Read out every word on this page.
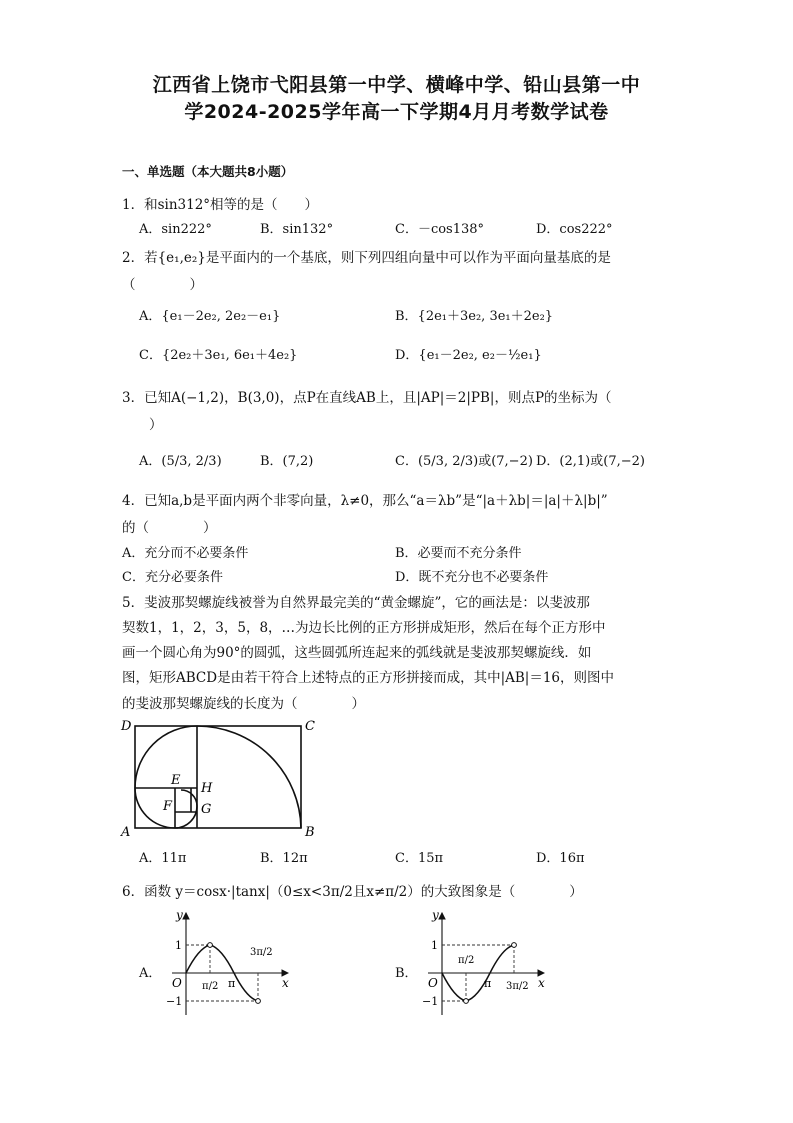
江西省上饶市弋阳县第一中学、横峰中学、铅山县第一中
学2024-2025学年高一下学期4月月考数学试卷
一、单选题（本大题共8小题）
1．和sin312°相等的是（　　）
A．sin222°	B．sin132°	C．－cos138°	D．cos222°
2．若{e₁,e₂}是平面内的一个基底，则下列四组向量中可以作为平面向量基底的是
（　　　　）
A．{e₁－2e₂, 2e₂－e₁}	B．{2e₁＋3e₂, 3e₁＋2e₂}
C．{2e₂＋3e₁, 6e₁＋4e₂}	D．{e₁－2e₂, e₂－½e₁}
3．已知A(−1,2)，B(3,0)，点P在直线AB上，且|AP|＝2|PB|，则点P的坐标为（
　　）
A．(5/3, 2/3)	B．(7,2)	C．(5/3, 2/3)或(7,−2) D．(2,1)或(7,−2)
4．已知a,b是平面内两个非零向量，λ≠0，那么“a＝λb”是“|a＋λb|＝|a|＋λ|b|”
的（　　　　）
A．充分而不必要条件	B．必要而不充分条件
C．充分必要条件	D．既不充分也不必要条件
5．斐波那契螺旋线被誉为自然界最完美的“黄金螺旋”，它的画法是：以斐波那
契数1，1，2，3，5，8，…为边长比例的正方形拼成矩形，然后在每个正方形中
画一个圆心角为90°的圆弧，这些圆弧所连起来的弧线就是斐波那契螺旋线．如
图，矩形ABCD是由若干符合上述特点的正方形拼接而成，其中|AB|＝16，则图中
的斐波那契螺旋线的长度为（　　　　）
D	C
A	B
E
F
H
G
A．11π	B．12π	C．15π	D．16π
6．函数 y＝cosx·|tanx|（0≤x<3π/2且x≠π/2）的大致图象是（　　　　）
A．
y
x
O
1
−1
π/2 π
3π/2
B．
y
x
O
1
−1
π/2
π 3π/2
